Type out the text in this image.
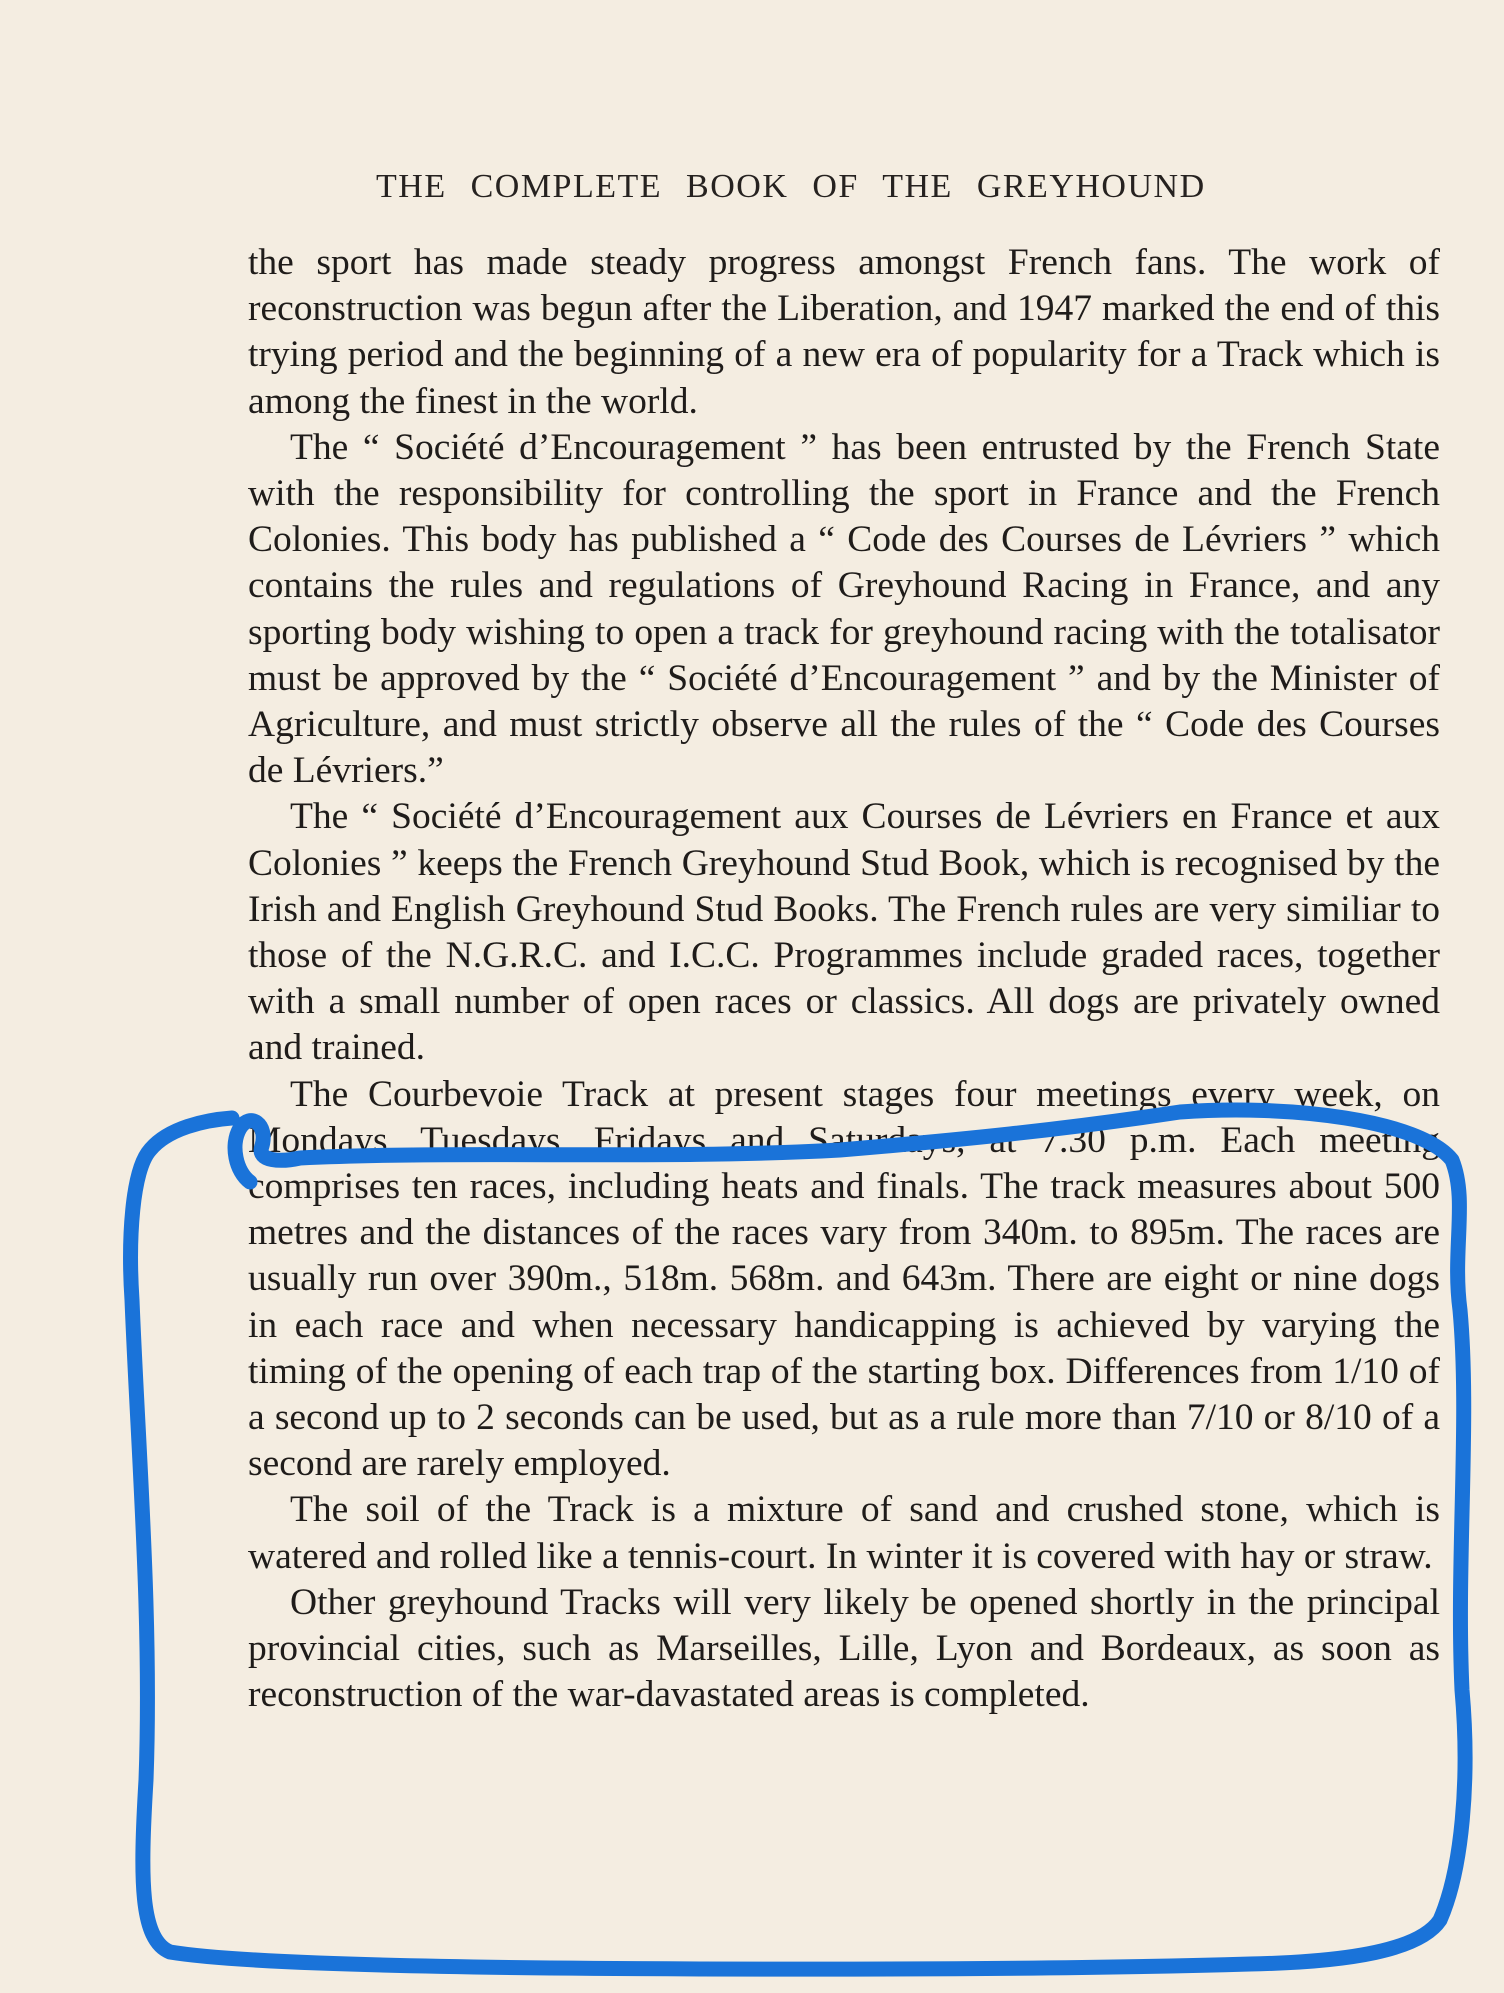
THE COMPLETE BOOK OF THE GREYHOUND

the sport has made steady progress amongst French fans. The work of reconstruction was begun after the Liberation, and 1947 marked the end of this trying period and the beginning of a new era of popularity for a Track which is among the finest in the world.

The “ Société d’Encouragement ” has been entrusted by the French State with the responsibility for controlling the sport in France and the French Colonies. This body has published a “ Code des Courses de Lévriers ” which contains the rules and regulations of Greyhound Racing in France, and any sporting body wishing to open a track for greyhound racing with the totalisator must be approved by the “ Société d’Encouragement ” and by the Minister of Agriculture, and must strictly observe all the rules of the “ Code des Courses de Lévriers.”

The “ Société d’Encouragement aux Courses de Lévriers en France et aux Colonies ” keeps the French Greyhound Stud Book, which is recognised by the Irish and English Greyhound Stud Books. The French rules are very similiar to those of the N.G.R.C. and I.C.C. Programmes include graded races, together with a small number of open races or classics. All dogs are privately owned and trained.

The Courbevoie Track at present stages four meetings every week, on Mondays, Tuesdays, Fridays and Saturdays, at 7.30 p.m. Each meeting comprises ten races, including heats and finals. The track measures about 500 metres and the distances of the races vary from 340m. to 895m. The races are usually run over 390m., 518m. 568m. and 643m. There are eight or nine dogs in each race and when necessary handicapping is achieved by varying the timing of the opening of each trap of the starting box. Differences from 1/10 of a second up to 2 seconds can be used, but as a rule more than 7/10 or 8/10 of a second are rarely employed.

The soil of the Track is a mixture of sand and crushed stone, which is watered and rolled like a tennis-court. In winter it is covered with hay or straw.

Other greyhound Tracks will very likely be opened shortly in the principal provincial cities, such as Marseilles, Lille, Lyon and Bordeaux, as soon as reconstruction of the war-davastated areas is completed.
